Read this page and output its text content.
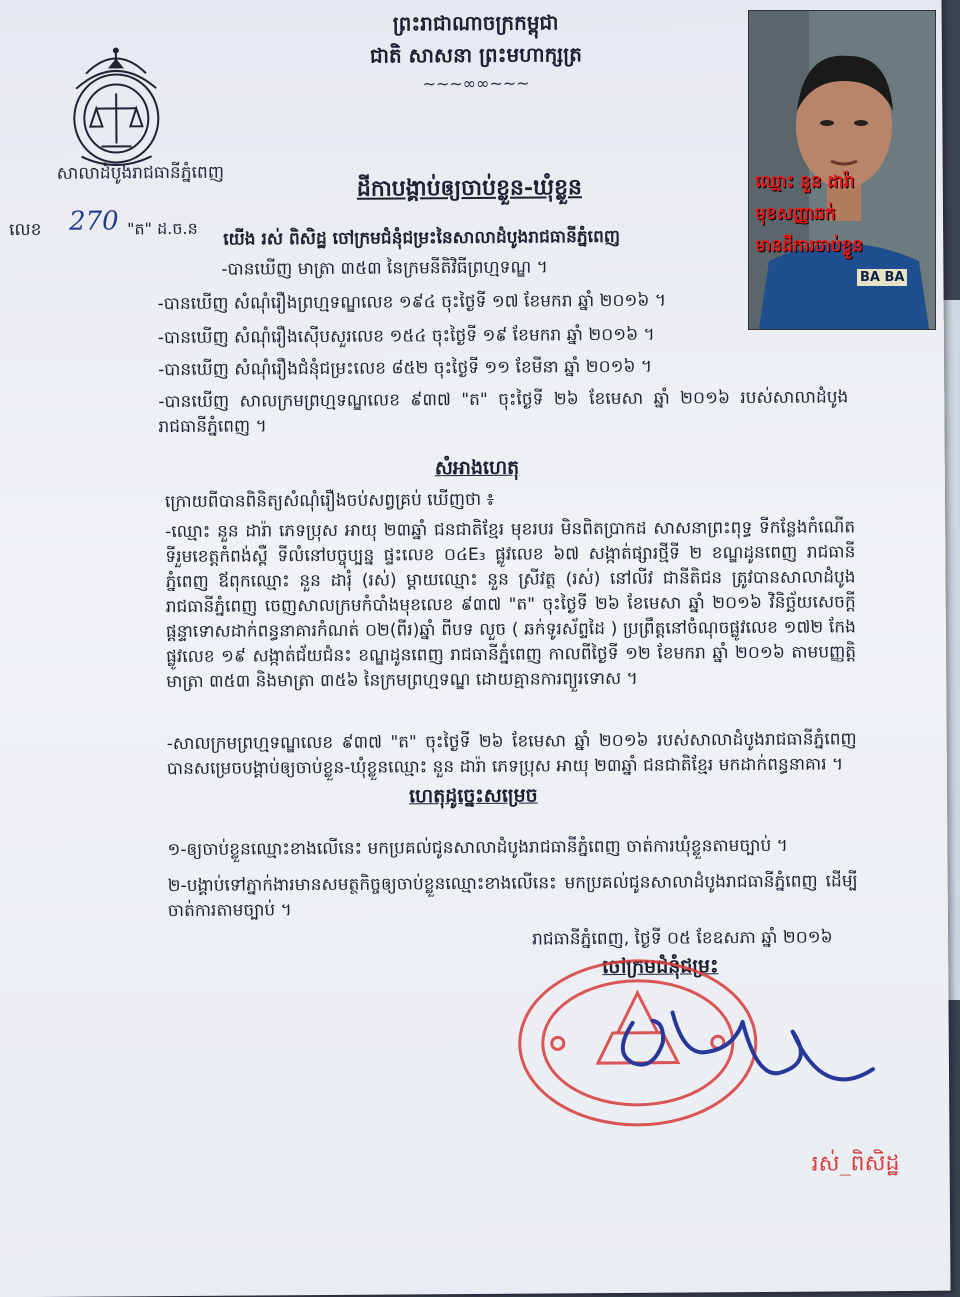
ព្រះរាជាណាចក្រកម្ពុជា
ជាតិ សាសនា ព្រះមហាក្សត្រ
~~~∞∞~~~
សាលាដំបូងរាជធានីភ្នំពេញ
លេខ 270 "ត" ដ.ច.ន
ដីកាបង្គាប់ឲ្យចាប់ខ្លួន-ឃុំខ្លួន
យើង រស់ ពិសិដ្ឋ ចៅក្រមជំនុំជម្រះនៃសាលាដំបូងរាជធានីភ្នំពេញ
-បានឃើញ មាត្រា ៣៥៣ នៃក្រមនីតិវិធីព្រហ្មទណ្ឌ ។
-បានឃើញ សំណុំរឿងព្រហ្មទណ្ឌលេខ ១៩៤ ចុះថ្ងៃទី ១៧ ខែមករា ឆ្នាំ ២០១៦ ។
-បានឃើញ សំណុំរឿងស៊ើបសួរលេខ ១៥៤ ចុះថ្ងៃទី ១៩ ខែមករា ឆ្នាំ ២០១៦ ។
-បានឃើញ សំណុំរឿងជំនុំជម្រះលេខ ៨៥២ ចុះថ្ងៃទី ១១ ខែមីនា ឆ្នាំ ២០១៦ ។
-បានឃើញ សាលក្រមព្រហ្មទណ្ឌលេខ ៩៣៧ "ត" ចុះថ្ងៃទី ២៦ ខែមេសា ឆ្នាំ ២០១៦ របស់សាលាដំបូងរាជធានីភ្នំពេញ ។
សំអាងហេតុ
ក្រោយពីបានពិនិត្យសំណុំរឿងចប់សព្វគ្រប់ ឃើញថា ៖
-ឈ្មោះ នួន ដារ៉ា ភេទប្រុស អាយុ ២៣ឆ្នាំ ជនជាតិខ្មែរ មុខរបរ មិនពិតប្រាកដ សាសនាព្រះពុទ្ធ ទីកន្លែងកំណើត ទីរួមខេត្តកំពង់ស្ពឺ ទីលំនៅបច្ចុប្បន្ន ផ្ទះលេខ ០៤E₃ ផ្លូវលេខ ៦៧ សង្កាត់ផ្សារថ្មីទី ២ ខណ្ឌដូនពេញ រាជធានីភ្នំពេញ ឪពុកឈ្មោះ នួន ដារុំ (រស់) ម្ដាយឈ្មោះ នួន ស្រីវត្ថ (រស់) នៅលីវ ជានីតិជន ត្រូវបានសាលាដំបូងរាជធានីភ្នំពេញ ចេញសាលក្រមកំបាំងមុខលេខ ៩៣៧ "ត" ចុះថ្ងៃទី ២៦ ខែមេសា ឆ្នាំ ២០១៦ វិនិច្ឆ័យសេចក្ដីផ្ដន្ទាទោសដាក់ពន្ធនាគារកំណត់ ០២(ពីរ)ឆ្នាំ ពីបទ លួច ( ឆក់ទូរស័ព្ទដៃ ) ប្រព្រឹត្តនៅចំណុចផ្លូវលេខ ១៧២ កែងផ្លូវលេខ ១៩ សង្កាត់ជ័យជំនះ ខណ្ឌដូនពេញ រាជធានីភ្នំពេញ កាលពីថ្ងៃទី ១២ ខែមករា ឆ្នាំ ២០១៦ តាមបញ្ញត្តិមាត្រា ៣៥៣ និងមាត្រា ៣៥៦ នៃក្រមព្រហ្មទណ្ឌ ដោយគ្មានការព្យួរទោស ។
-សាលក្រមព្រហ្មទណ្ឌលេខ ៩៣៧ "ត" ចុះថ្ងៃទី ២៦ ខែមេសា ឆ្នាំ ២០១៦ របស់សាលាដំបូងរាជធានីភ្នំពេញ បានសម្រេចបង្គាប់ឲ្យចាប់ខ្លួន-ឃុំខ្លួនឈ្មោះ នួន ដារ៉ា ភេទប្រុស អាយុ ២៣ឆ្នាំ ជនជាតិខ្មែរ មកដាក់ពន្ធនាគារ ។
ហេតុដូច្នេះសម្រេច
១-ឲ្យចាប់ខ្លួនឈ្មោះខាងលើនេះ មកប្រគល់ជូនសាលាដំបូងរាជធានីភ្នំពេញ ចាត់ការឃុំខ្លួនតាមច្បាប់ ។
២-បង្គាប់ទៅភ្នាក់ងារមានសមត្ថកិច្ចឲ្យចាប់ខ្លួនឈ្មោះខាងលើនេះ មកប្រគល់ជូនសាលាដំបូងរាជធានីភ្នំពេញ ដើម្បីចាត់ការតាមច្បាប់ ។
រាជធានីភ្នំពេញ, ថ្ងៃទី ០៥ ខែឧសភា ឆ្នាំ ២០១៦
ចៅក្រមជំនុំជម្រះ
រស់_ពិសិដ្ឋ
BA BA
ឈ្មោះ នួន ដារ៉ា
មុខសញ្ញាឆក់
មានដីការចាប់ខ្លួន
